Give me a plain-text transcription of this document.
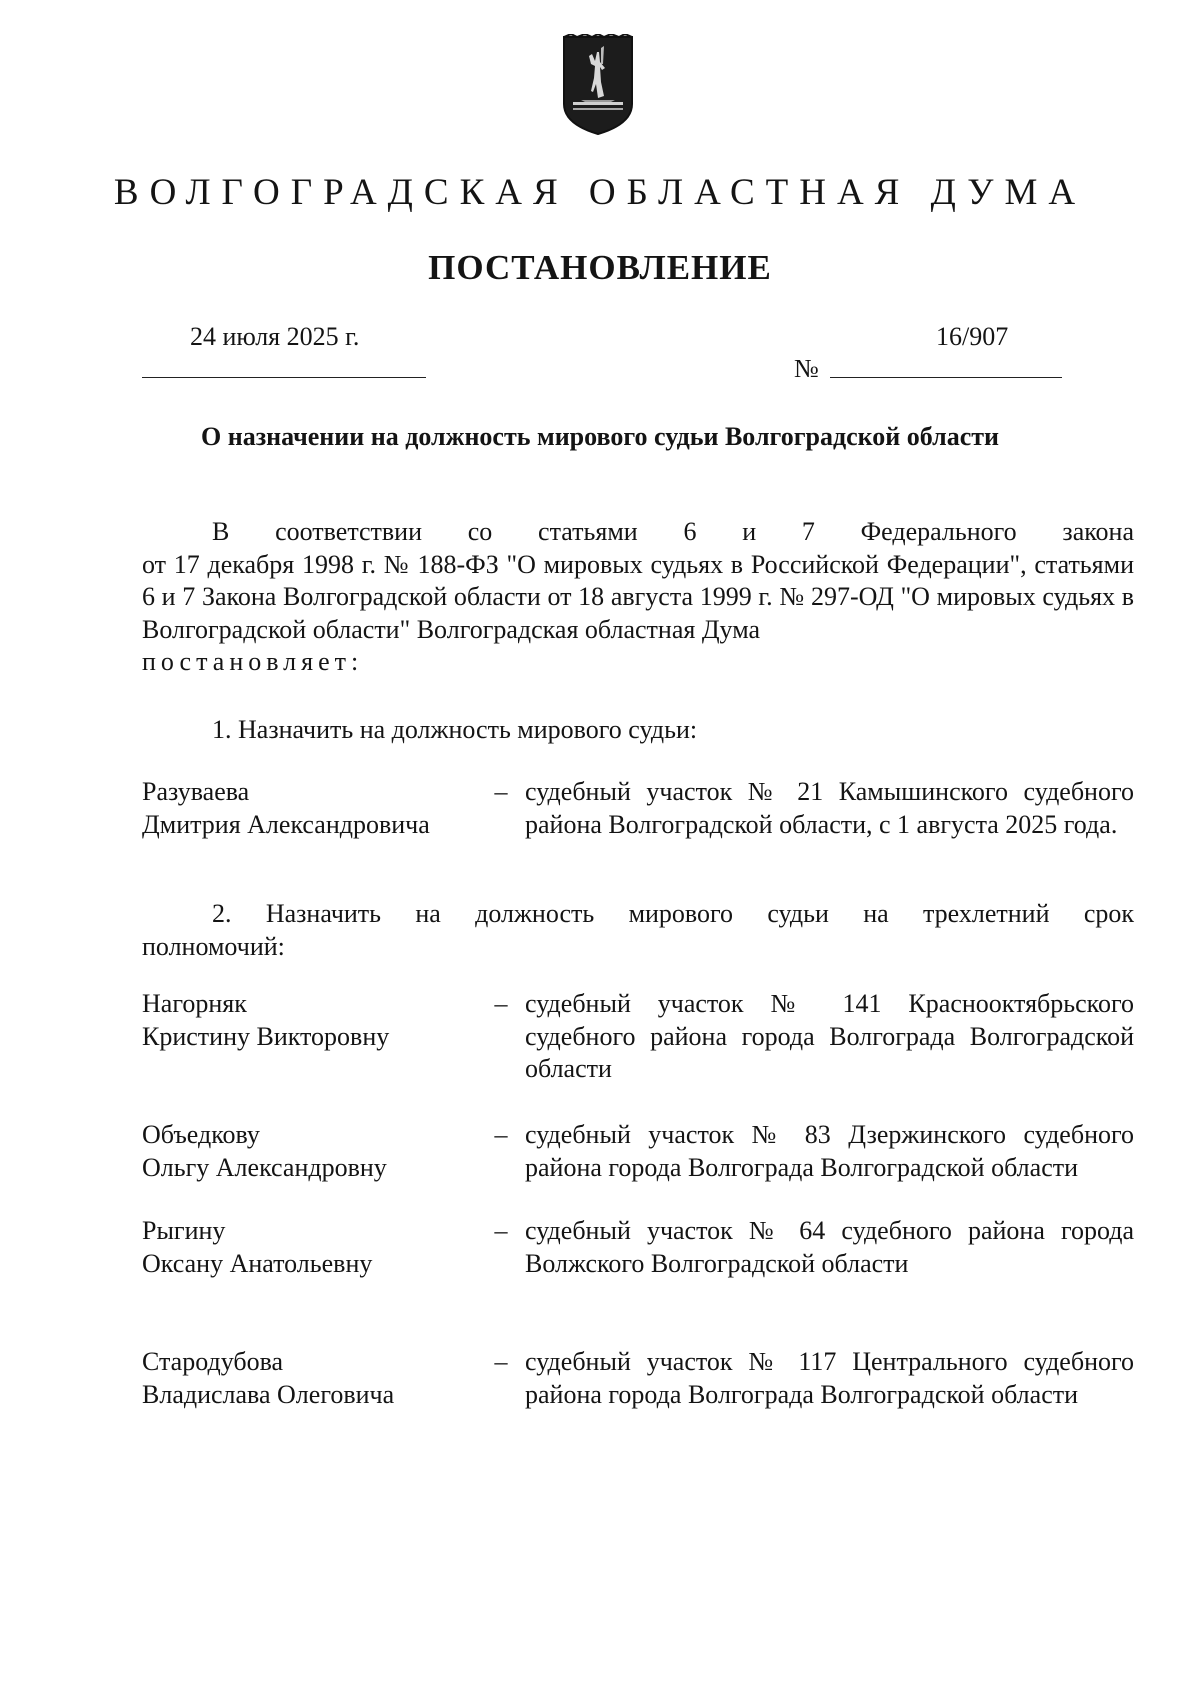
ВОЛГОГРАДСКАЯ ОБЛАСТНАЯ ДУМА
ПОСТАНОВЛЕНИЕ
24 июля 2025 г.	16/907
№
О назначении на должность мирового судьи Волгоградской области
В соответствии со статьями 6 и 7 Федерального закона
от 17 декабря 1998 г. № 188-ФЗ "О мировых судьях в Российской Федерации", статьями 6 и 7 Закона Волгоградской области от 18 августа 1999 г. № 297-ОД "О мировых судьях в Волгоградской области" Волгоградская областная Дума
постановляет:
1. Назначить на должность мирового судьи:
Разуваева
Дмитрия Александровича
– судебный участок № 21 Камышинского судебного района Волгоградской области, с 1 августа 2025 года.
2. Назначить на должность мирового судьи на трехлетний срок
полномочий:
Нагорняк
Кристину Викторовну
– судебный участок № 141 Краснооктябрьского судебного района города Волгограда Волгоградской области
Объедкову
Ольгу Александровну
– судебный участок № 83 Дзержинского судебного района города Волгограда Волгоградской области
Рыгину
Оксану Анатольевну
– судебный участок № 64 судебного района города Волжского Волгоградской области
Стародубова
Владислава Олеговича
– судебный участок № 117 Центрального судебного района города Волгограда Волгоградской области
